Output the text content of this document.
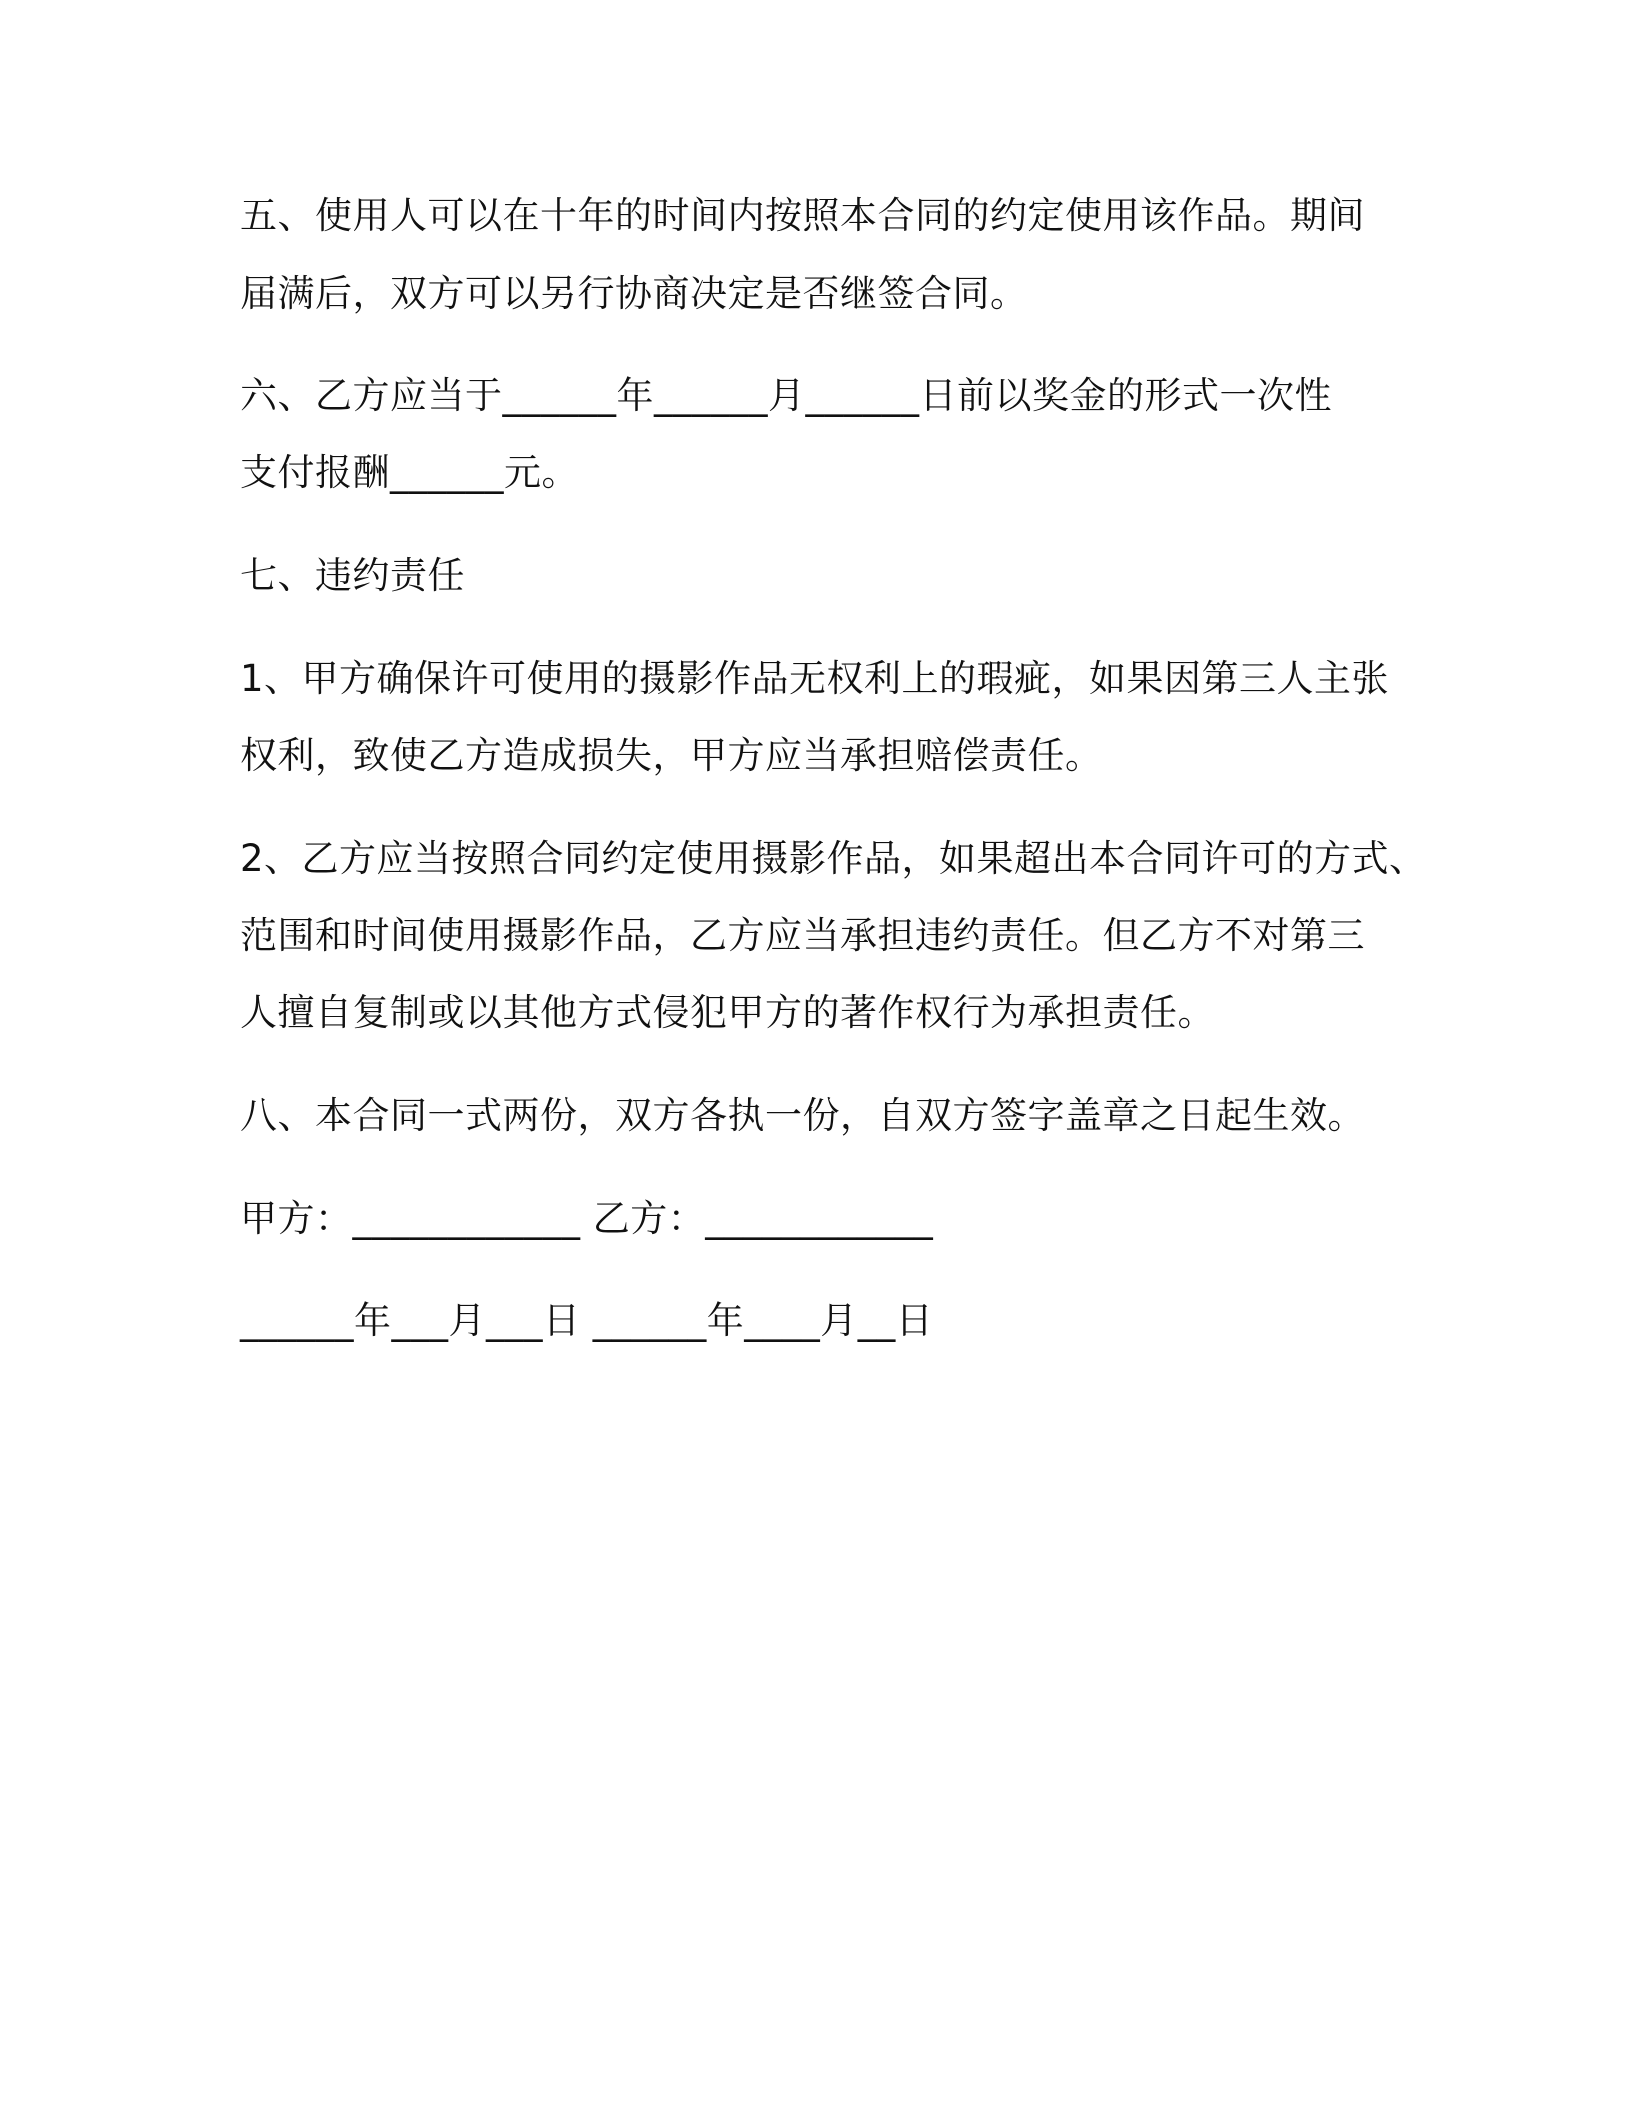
五、使用人可以在十年的时间内按照本合同的约定使用该作品。期间

届满后，双方可以另行协商决定是否继签合同。

六、乙方应当于______年______月______日前以奖金的形式一次性

支付报酬______元。

七、违约责任

1、甲方确保许可使用的摄影作品无权利上的瑕疵，如果因第三人主张

权利，致使乙方造成损失，甲方应当承担赔偿责任。

2、乙方应当按照合同约定使用摄影作品，如果超出本合同许可的方式、

范围和时间使用摄影作品，乙方应当承担违约责任。但乙方不对第三

人擅自复制或以其他方式侵犯甲方的著作权行为承担责任。

八、本合同一式两份，双方各执一份，自双方签字盖章之日起生效。

甲方：____________ 乙方：____________

______年___月___日 ______年____月__日
